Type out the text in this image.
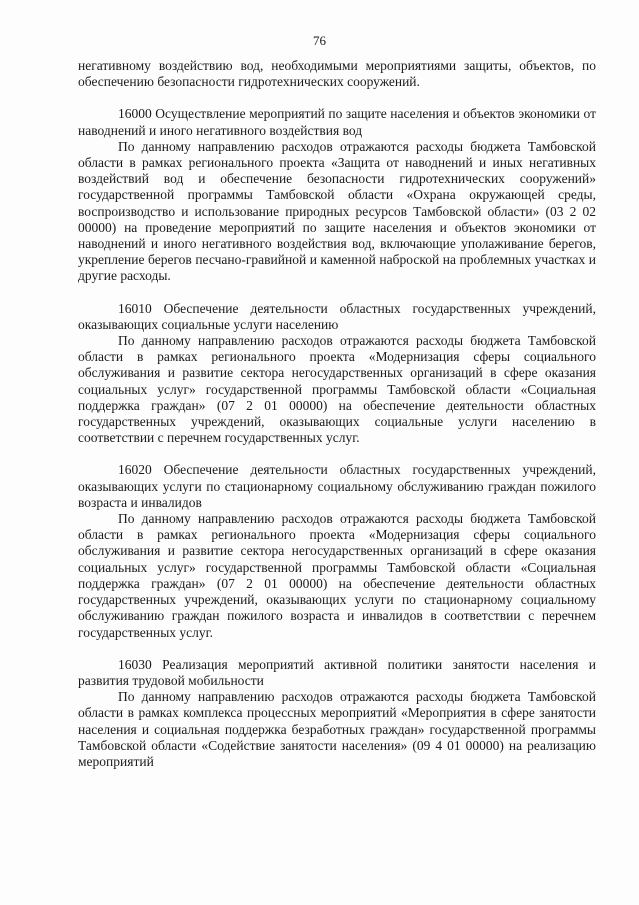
76

негативному воздействию вод, необходимыми мероприятиями защиты, объектов, по обеспечению безопасности гидротехнических сооружений.

16000 Осуществление мероприятий по защите населения и объектов экономики от наводнений и иного негативного воздействия вод

По данному направлению расходов отражаются расходы бюджета Тамбовской области в рамках регионального проекта «Защита от наводнений и иных негативных воздействий вод и обеспечение безопасности гидротехнических сооружений» государственной программы Тамбовской области «Охрана окружающей среды, воспроизводство и использование природных ресурсов Тамбовской области» (03 2 02 00000) на проведение мероприятий по защите населения и объектов экономики от наводнений и иного негативного воздействия вод, включающие уполаживание берегов, укрепление берегов песчано-гравийной и каменной наброской на проблемных участках и другие расходы.

16010 Обеспечение деятельности областных государственных учреждений, оказывающих социальные услуги населению

По данному направлению расходов отражаются расходы бюджета Тамбовской области в рамках регионального проекта «Модернизация сферы социального обслуживания и развитие сектора негосударственных организаций в сфере оказания социальных услуг» государственной программы Тамбовской области «Социальная поддержка граждан» (07 2 01 00000) на обеспечение деятельности областных государственных учреждений, оказывающих социальные услуги населению в соответствии с перечнем государственных услуг.

16020 Обеспечение деятельности областных государственных учреждений, оказывающих услуги по стационарному социальному обслуживанию граждан пожилого возраста и инвалидов

По данному направлению расходов отражаются расходы бюджета Тамбовской области в рамках регионального проекта «Модернизация сферы социального обслуживания и развитие сектора негосударственных организаций в сфере оказания социальных услуг» государственной программы Тамбовской области «Социальная поддержка граждан» (07 2 01 00000) на обеспечение деятельности областных государственных учреждений, оказывающих услуги по стационарному социальному обслуживанию граждан пожилого возраста и инвалидов в соответствии с перечнем государственных услуг.

16030 Реализация мероприятий активной политики занятости населения и развития трудовой мобильности

По данному направлению расходов отражаются расходы бюджета Тамбовской области в рамках комплекса процессных мероприятий «Мероприятия в сфере занятости населения и социальная поддержка безработных граждан» государственной программы Тамбовской области «Содействие занятости населения» (09 4 01 00000) на реализацию мероприятий
